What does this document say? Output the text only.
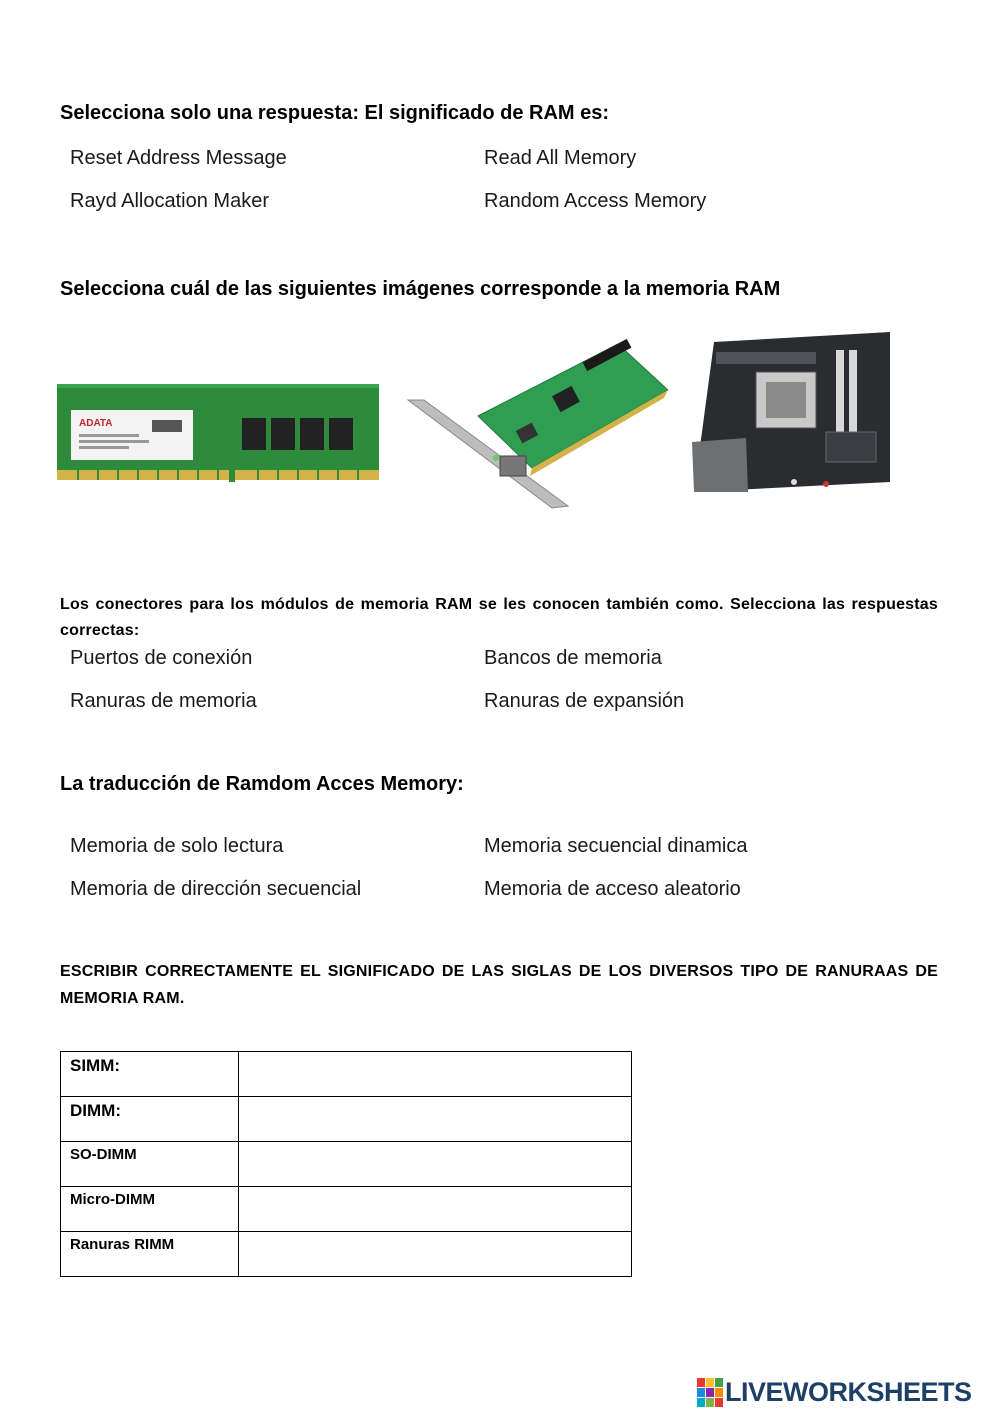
Selecciona solo una respuesta: El significado de RAM es:
Reset Address Message	Read All Memory
Rayd Allocation Maker	Random Access Memory
Selecciona cuál de las siguientes imágenes corresponde a la memoria RAM
ADATA
Los conectores para los módulos de memoria RAM se les conocen también como. Selecciona las respuestas correctas:
Puertos de conexión	Bancos de memoria
Ranuras de memoria	Ranuras de expansión
La traducción de Ramdom Acces Memory:
Memoria de solo lectura	Memoria secuencial dinamica
Memoria de dirección secuencial	Memoria de acceso aleatorio
ESCRIBIR CORRECTAMENTE EL SIGNIFICADO DE LAS SIGLAS DE LOS DIVERSOS TIPO DE RANURAAS DE MEMORIA RAM.
SIMM:	
DIMM:	
SO-DIMM	
Micro-DIMM	
Ranuras RIMM	
LIVEWORKSHEETS
